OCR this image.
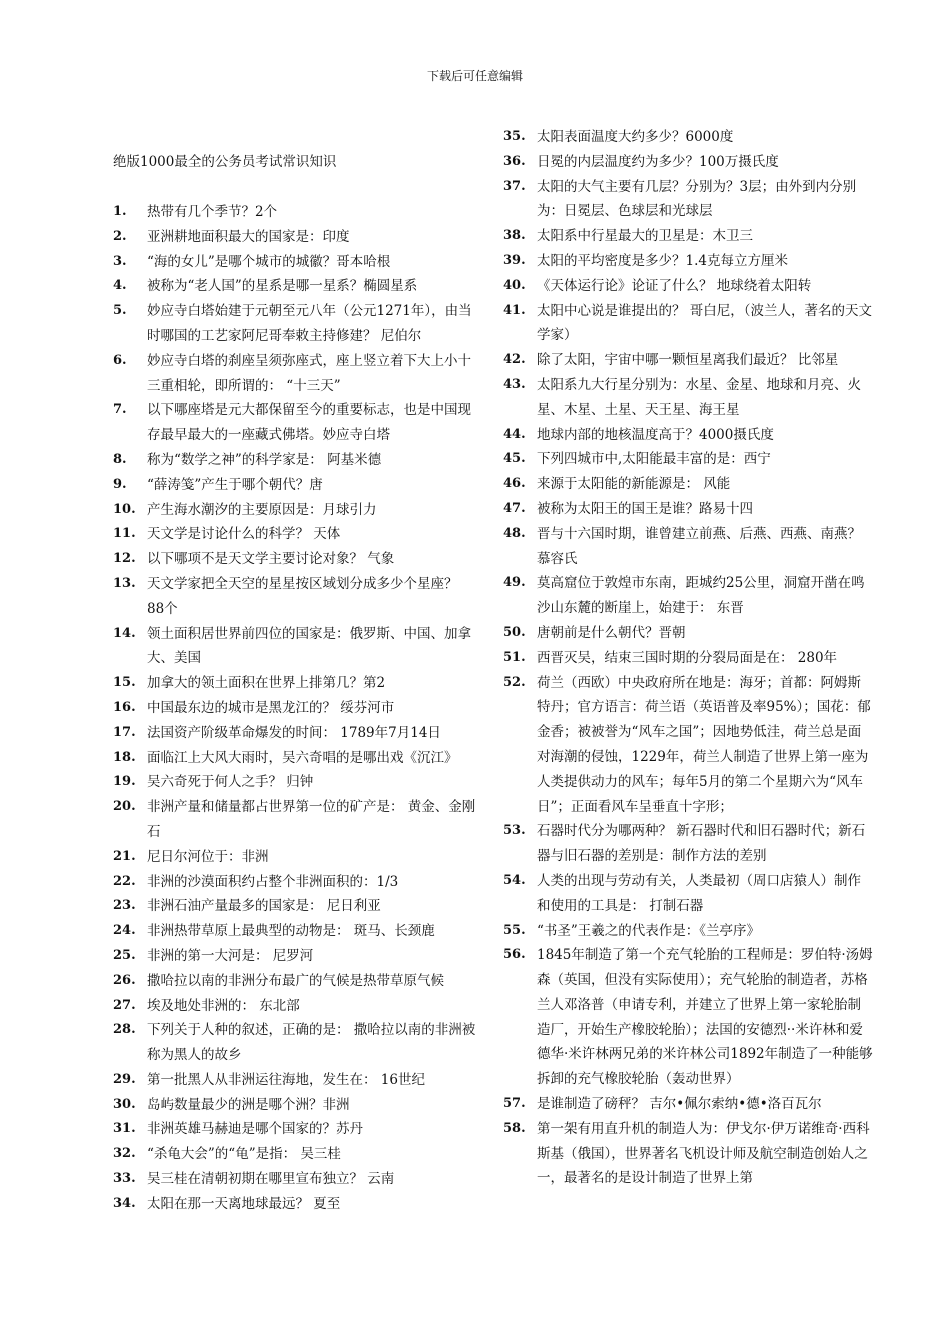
下载后可任意编辑
绝版1000最全的公务员考试常识知识
1.	热带有几个季节？2个
2.	亚洲耕地面积最大的国家是：印度
3.	“海的女儿”是哪个城市的城徽？哥本哈根
4.	被称为“老人国”的星系是哪一星系？椭圆星系
5.	妙应寺白塔始建于元朝至元八年（公元1271年），由当时哪国的工艺家阿尼哥奉敕主持修建？ 尼伯尔
6.	妙应寺白塔的刹座呈须弥座式，座上竖立着下大上小十三重相轮，即所谓的： “十三天”
7.	以下哪座塔是元大都保留至今的重要标志，也是中国现存最早最大的一座藏式佛塔。妙应寺白塔
8.	称为“数学之神”的科学家是： 阿基米德
9.	“薛涛笺”产生于哪个朝代？唐
10. 产生海水潮汐的主要原因是：月球引力
11. 天文学是讨论什么的科学？ 天体
12. 以下哪项不是天文学主要讨论对象？ 气象
13. 天文学家把全天空的星星按区域划分成多少个星座？ 88个
14. 领土面积居世界前四位的国家是：俄罗斯、中国、加拿大、美国
15. 加拿大的领土面积在世界上排第几？第2
16. 中国最东边的城市是黑龙江的？ 绥芬河市
17. 法国资产阶级革命爆发的时间： 1789年7月14日
18. 面临江上大风大雨时，吴六奇唱的是哪出戏《沉江》
19. 吴六奇死于何人之手？ 归钟
20. 非洲产量和储量都占世界第一位的矿产是： 黄金、金刚石
21. 尼日尔河位于：非洲
22. 非洲的沙漠面积约占整个非洲面积的：1/3
23. 非洲石油产量最多的国家是： 尼日利亚
24. 非洲热带草原上最典型的动物是： 斑马、长颈鹿
25. 非洲的第一大河是： 尼罗河
26. 撒哈拉以南的非洲分布最广的气候是热带草原气候
27. 埃及地处非洲的： 东北部
28. 下列关于人种的叙述，正确的是： 撒哈拉以南的非洲被称为黑人的故乡
29. 第一批黑人从非洲运往海地，发生在： 16世纪
30. 岛屿数量最少的洲是哪个洲？非洲
31. 非洲英雄马赫迪是哪个国家的？苏丹
32. “杀龟大会”的“龟”是指： 吴三桂
33. 吴三桂在清朝初期在哪里宣布独立？ 云南
34. 太阳在那一天离地球最远？ 夏至
35. 太阳表面温度大约多少？6000度
36. 日冕的内层温度约为多少？100万摄氏度
37. 太阳的大气主要有几层？分别为？3层；由外到内分别为：日冕层、色球层和光球层
38. 太阳系中行星最大的卫星是：木卫三
39. 太阳的平均密度是多少？1.4克每立方厘米
40. 《天体运行论》论证了什么？ 地球绕着太阳转
41. 太阳中心说是谁提出的？ 哥白尼，（波兰人，著名的天文学家）
42. 除了太阳，宇宙中哪一颗恒星离我们最近？ 比邻星
43. 太阳系九大行星分别为：水星、金星、地球和月亮、火星、木星、土星、天王星、海王星
44. 地球内部的地核温度高于？4000摄氏度
45. 下列四城市中,太阳能最丰富的是：西宁
46. 来源于太阳能的新能源是： 风能
47. 被称为太阳王的国王是谁？路易十四
48. 晋与十六国时期，谁曾建立前燕、后燕、西燕、南燕？ 慕容氏
49. 莫高窟位于敦煌市东南，距城约25公里，洞窟开凿在鸣沙山东麓的断崖上，始建于： 东晋
50. 唐朝前是什么朝代？晋朝
51. 西晋灭吴，结束三国时期的分裂局面是在： 280年
52. 荷兰（西欧）中央政府所在地是：海牙；首都：阿姆斯特丹；官方语言：荷兰语（英语普及率95%）；国花：郁金香；被被誉为“风车之国”；因地势低洼，荷兰总是面对海潮的侵蚀，1229年，荷兰人制造了世界上第一座为人类提供动力的风车；每年5月的第二个星期六为“风车日”；正面看风车呈垂直十字形；
53. 石器时代分为哪两种？ 新石器时代和旧石器时代；新石器与旧石器的差别是：制作方法的差别
54. 人类的出现与劳动有关，人类最初（周口店猿人）制作和使用的工具是： 打制石器
55. “书圣”王羲之的代表作是：《兰亭序》
56. 1845年制造了第一个充气轮胎的工程师是：罗伯特·汤姆森（英国，但没有实际使用）；充气轮胎的制造者，苏格兰人邓洛普（申请专利，并建立了世界上第一家轮胎制造厂，开始生产橡胶轮胎）；法国的安德烈··米许林和爱德华·米许林两兄弟的米许林公司1892年制造了一种能够拆卸的充气橡胶轮胎（轰动世界）
57. 是谁制造了磅秤？ 吉尔•佩尔索纳•德•洛百瓦尔
58. 第一架有用直升机的制造人为：伊戈尔·伊万诺维奇·西科斯基（俄国），世界著名飞机设计师及航空制造创始人之一，最著名的是设计制造了世界上第
